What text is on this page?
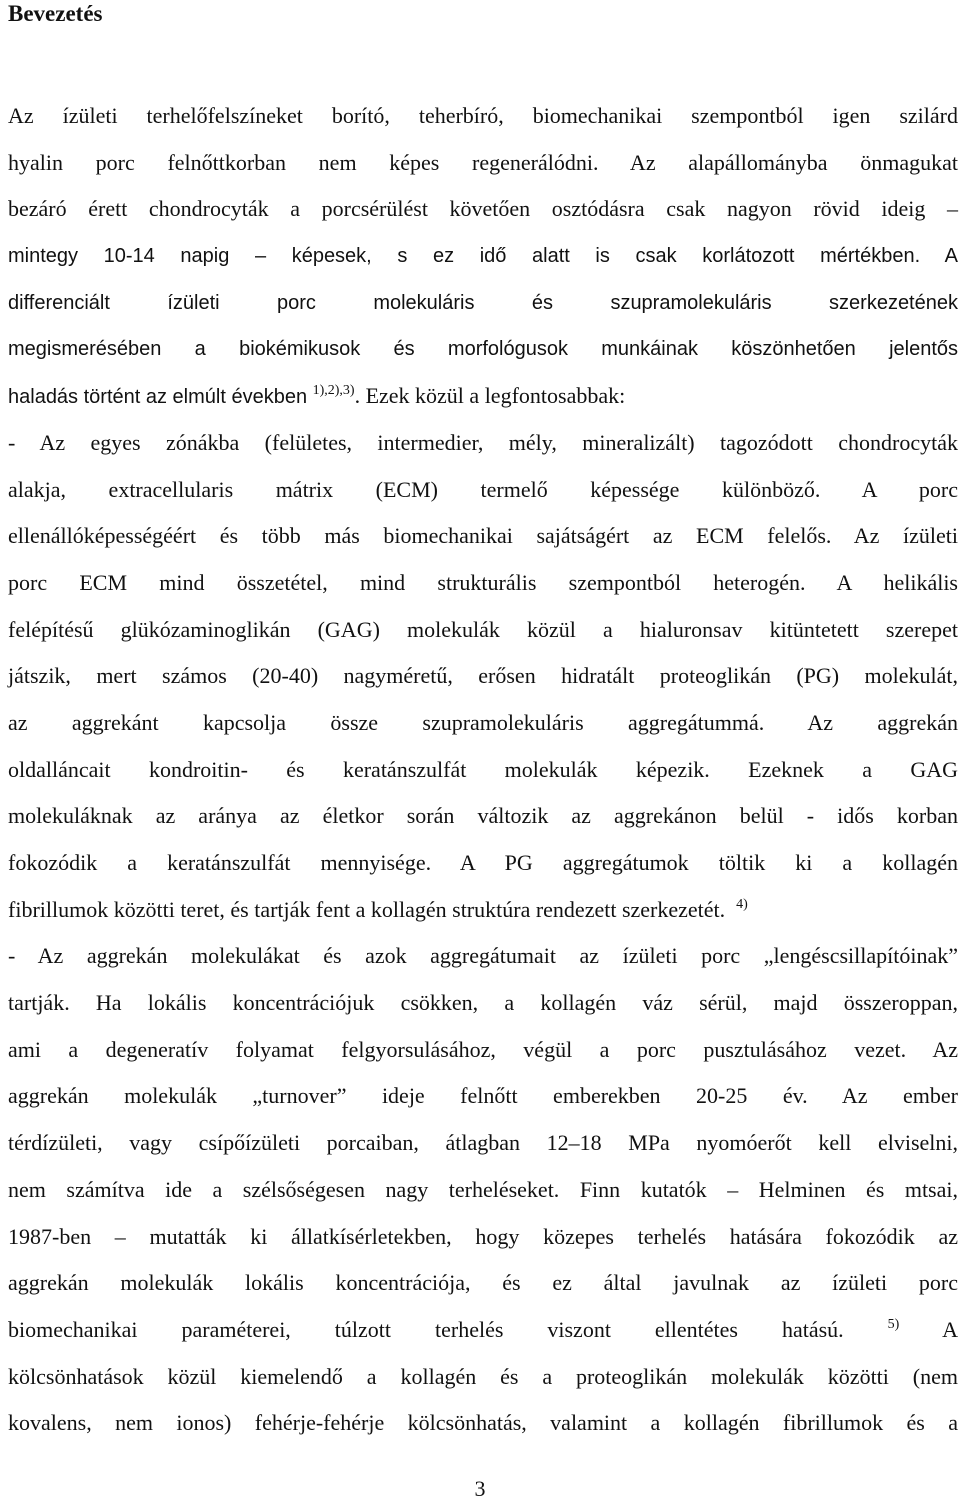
Bevezetés
Az ízületi terhelőfelszíneket borító, teherbíró, biomechanikai szempontból igen szilárd
hyalin porc felnőttkorban nem képes regenerálódni. Az alapállományba önmagukat
bezáró érett chondrocyták a porcsérülést követően osztódásra csak nagyon rövid ideig –
mintegy 10-14 napig – képesek, s ez idő alatt is csak korlátozott mértékben. A
differenciált ízületi porc molekuláris és szupramolekuláris szerkezetének
megismerésében a biokémikusok és morfológusok munkáinak köszönhetően jelentős
haladás történt az elmúlt években $^{1),2),3)}$. Ezek közül a legfontosabbak:
- Az egyes zónákba (felületes, intermedier, mély, mineralizált) tagozódott chondrocyták
alakja, extracellularis mátrix (ECM) termelő képessége különböző. A porc
ellenállóképességéért és több más biomechanikai sajátságért az ECM felelős. Az ízületi
porc ECM mind összetétel, mind strukturális szempontból heterogén. A helikális
felépítésű glükózaminoglikán (GAG) molekulák közül a hialuronsav kitüntetett szerepet
játszik, mert számos (20-40) nagyméretű, erősen hidratált proteoglikán (PG) molekulát,
az aggrekánt kapcsolja össze szupramolekuláris aggregátummá. Az aggrekán
oldalláncait kondroitin- és keratánszulfát molekulák képezik. Ezeknek a GAG
molekuláknak az aránya az életkor során változik az aggrekánon belül - idős korban
fokozódik a keratánszulfát mennyisége. A PG aggregátumok töltik ki a kollagén
fibrillumok közötti teret, és tartják fent a kollagén struktúra rendezett szerkezetét. $^{4)}$
- Az aggrekán molekulákat és azok aggregátumait az ízületi porc „lengéscsillapítóinak”
tartják. Ha lokális koncentrációjuk csökken, a kollagén váz sérül, majd összeroppan,
ami a degeneratív folyamat felgyorsulásához, végül a porc pusztulásához vezet. Az
aggrekán molekulák „turnover” ideje felnőtt emberekben 20-25 év. Az ember
térdízületi, vagy csípőízületi porcaiban, átlagban 12–18 MPa nyomóerőt kell elviselni,
nem számítva ide a szélsőségesen nagy terheléseket. Finn kutatók – Helminen és mtsai,
1987-ben – mutatták ki állatkísérletekben, hogy közepes terhelés hatására fokozódik az
aggrekán molekulák lokális koncentrációja, és ez által javulnak az ízületi porc
biomechanikai paraméterei, túlzott terhelés viszont ellentétes hatású.	$^{5)}$ A
kölcsönhatások közül kiemelendő a kollagén és a proteoglikán molekulák közötti (nem
kovalens, nem ionos) fehérje-fehérje kölcsönhatás, valamint a kollagén fibrillumok és a
3
